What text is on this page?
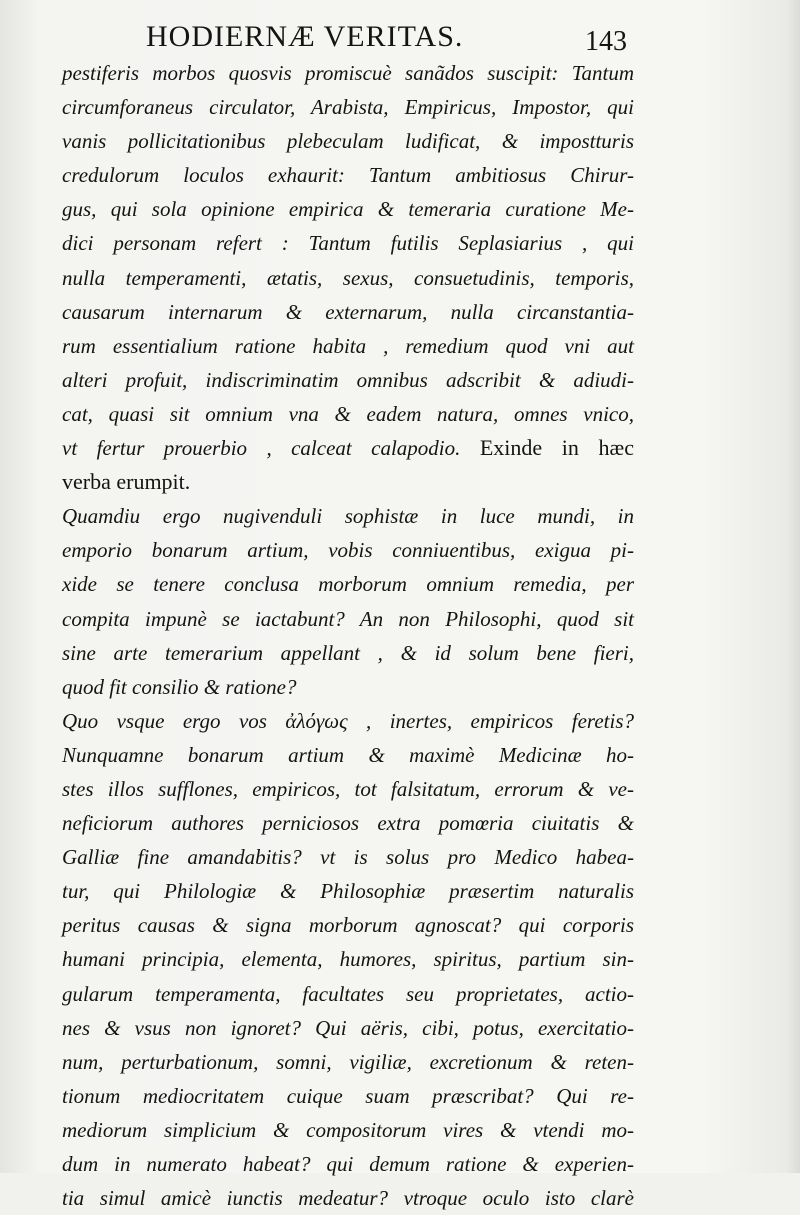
HODIERNÆ VERITAS.	143
pestiferis morbos quosvis promiscuè sanãdos suscipit: Tantum
circumforaneus circulator, Arabista, Empiricus, Impostor, qui
vanis pollicitationibus plebeculam ludificat, & impostturis
credulorum loculos exhaurit: Tantum ambitiosus Chirur-
gus, qui sola opinione empirica & temeraria curatione Me-
dici personam refert : Tantum futilis Seplasiarius , qui
nulla temperamenti, ætatis, sexus, consuetudinis, temporis,
causarum internarum & externarum, nulla circanstantia-
rum essentialium ratione habita , remedium quod vni aut
alteri profuit, indiscriminatim omnibus adscribit & adiudi-
cat, quasi sit omnium vna & eadem natura, omnes vnico,
vt fertur prouerbio , calceat calapodio. Exinde in hæc
verba erumpit.
Quamdiu ergo nugivenduli sophistæ in luce mundi, in
emporio bonarum artium, vobis conniuentibus, exigua pi-
xide se tenere conclusa morborum omnium remedia, per
compita impunè se iactabunt? An non Philosophi, quod sit
sine arte temerarium appellant , & id solum bene fieri,
quod fit consilio & ratione?
Quo vsque ergo vos ἀλόγως , inertes, empiricos feretis?
Nunquamne bonarum artium & maximè Medicinæ ho-
stes illos sufflones, empiricos, tot falsitatum, errorum & ve-
neficiorum authores perniciosos extra pomœria ciuitatis &
Galliæ fine amandabitis? vt is solus pro Medico habea-
tur, qui Philologiæ & Philosophiæ præsertim naturalis
peritus causas & signa morborum agnoscat? qui corporis
humani principia, elementa, humores, spiritus, partium sin-
gularum temperamenta, facultates seu proprietates, actio-
nes & vsus non ignoret? Qui aëris, cibi, potus, exercitatio-
num, perturbationum, somni, vigiliæ, excretionum & reten-
tionum mediocritatem cuique suam præscribat? Qui re-
mediorum simplicium & compositorum vires & vtendi mo-
dum in numerato habeat? qui demum ratione & experien-
tia simul amicè iunctis medeatur? vtroque oculo isto clarè
